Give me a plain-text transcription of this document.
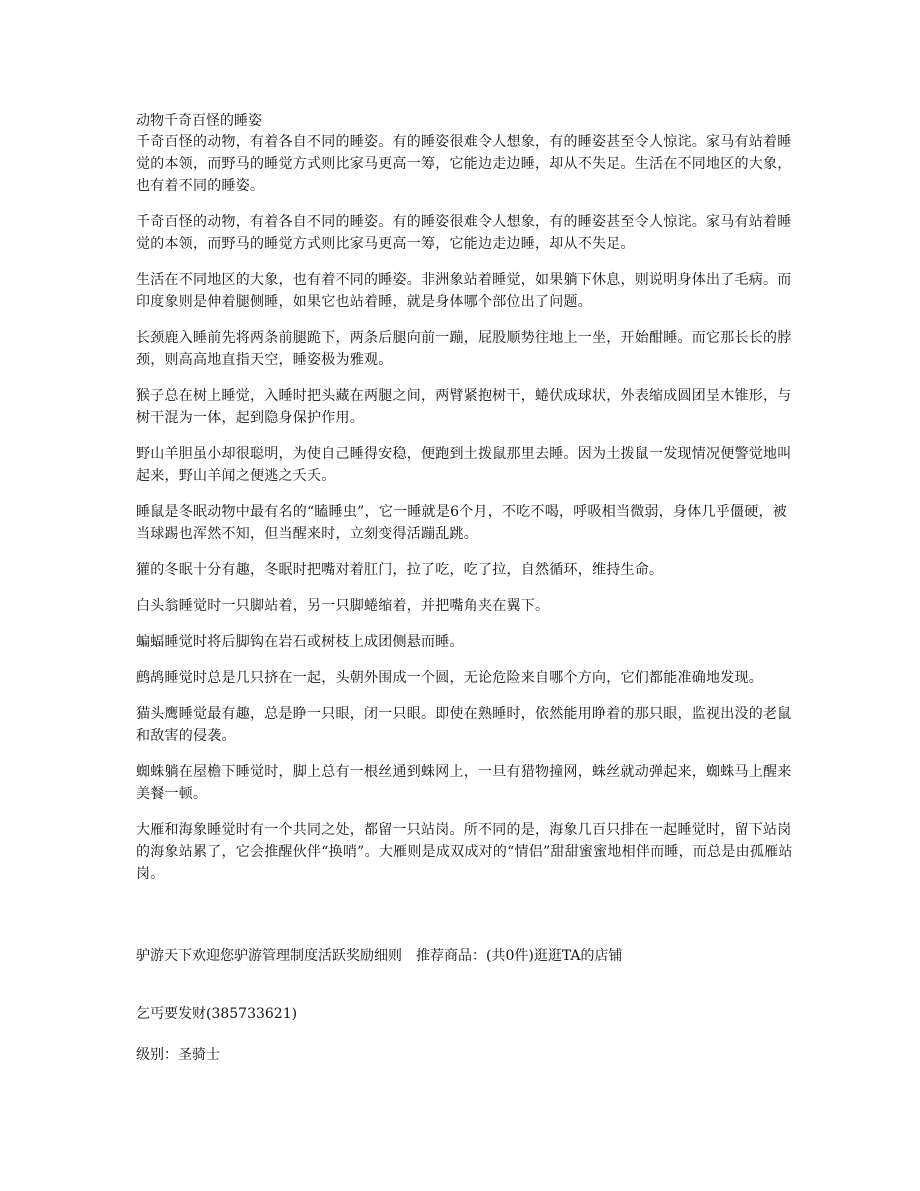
动物千奇百怪的睡姿

千奇百怪的动物，有着各自不同的睡姿。有的睡姿很难令人想象，有的睡姿甚至令人惊诧。家马有站着睡觉的本领，而野马的睡觉方式则比家马更高一筹，它能边走边睡，却从不失足。生活在不同地区的大象，也有着不同的睡姿。

千奇百怪的动物，有着各自不同的睡姿。有的睡姿很难令人想象，有的睡姿甚至令人惊诧。家马有站着睡觉的本领，而野马的睡觉方式则比家马更高一筹，它能边走边睡，却从不失足。

生活在不同地区的大象，也有着不同的睡姿。非洲象站着睡觉，如果躺下休息，则说明身体出了毛病。而印度象则是伸着腿侧睡，如果它也站着睡，就是身体哪个部位出了问题。

长颈鹿入睡前先将两条前腿跪下，两条后腿向前一蹦，屁股顺势往地上一坐，开始酣睡。而它那长长的脖颈，则高高地直指天空，睡姿极为雅观。

猴子总在树上睡觉，入睡时把头藏在两腿之间，两臂紧抱树干，蜷伏成球状，外表缩成圆团呈木锥形，与树干混为一体，起到隐身保护作用。

野山羊胆虽小却很聪明，为使自己睡得安稳，便跑到土拨鼠那里去睡。因为土拨鼠一发现情况便警觉地叫起来，野山羊闻之便逃之夭夭。

睡鼠是冬眠动物中最有名的“瞌睡虫”，它一睡就是6个月，不吃不喝，呼吸相当微弱，身体几乎僵硬，被当球踢也浑然不知，但当醒来时，立刻变得活蹦乱跳。

獾的冬眠十分有趣，冬眠时把嘴对着肛门，拉了吃，吃了拉，自然循环，维持生命。

白头翁睡觉时一只脚站着，另一只脚蜷缩着，并把嘴角夹在翼下。

蝙蝠睡觉时将后脚钩在岩石或树枝上成团侧悬而睡。

鹧鸪睡觉时总是几只挤在一起，头朝外围成一个圆，无论危险来自哪个方向，它们都能准确地发现。

猫头鹰睡觉最有趣，总是睁一只眼，闭一只眼。即使在熟睡时，依然能用睁着的那只眼，监视出没的老鼠和敌害的侵袭。

蜘蛛躺在屋檐下睡觉时，脚上总有一根丝通到蛛网上，一旦有猎物撞网，蛛丝就动弹起来，蜘蛛马上醒来美餐一顿。

大雁和海象睡觉时有一个共同之处，都留一只站岗。所不同的是，海象几百只排在一起睡觉时，留下站岗的海象站累了，它会推醒伙伴“换哨”。大雁则是成双成对的“情侣”甜甜蜜蜜地相伴而睡，而总是由孤雁站岗。

驴游天下欢迎您驴游管理制度活跃奖励细则 推荐商品：(共0件)逛逛TA的店铺

乞丐要发财(385733621)

级别：圣骑士
